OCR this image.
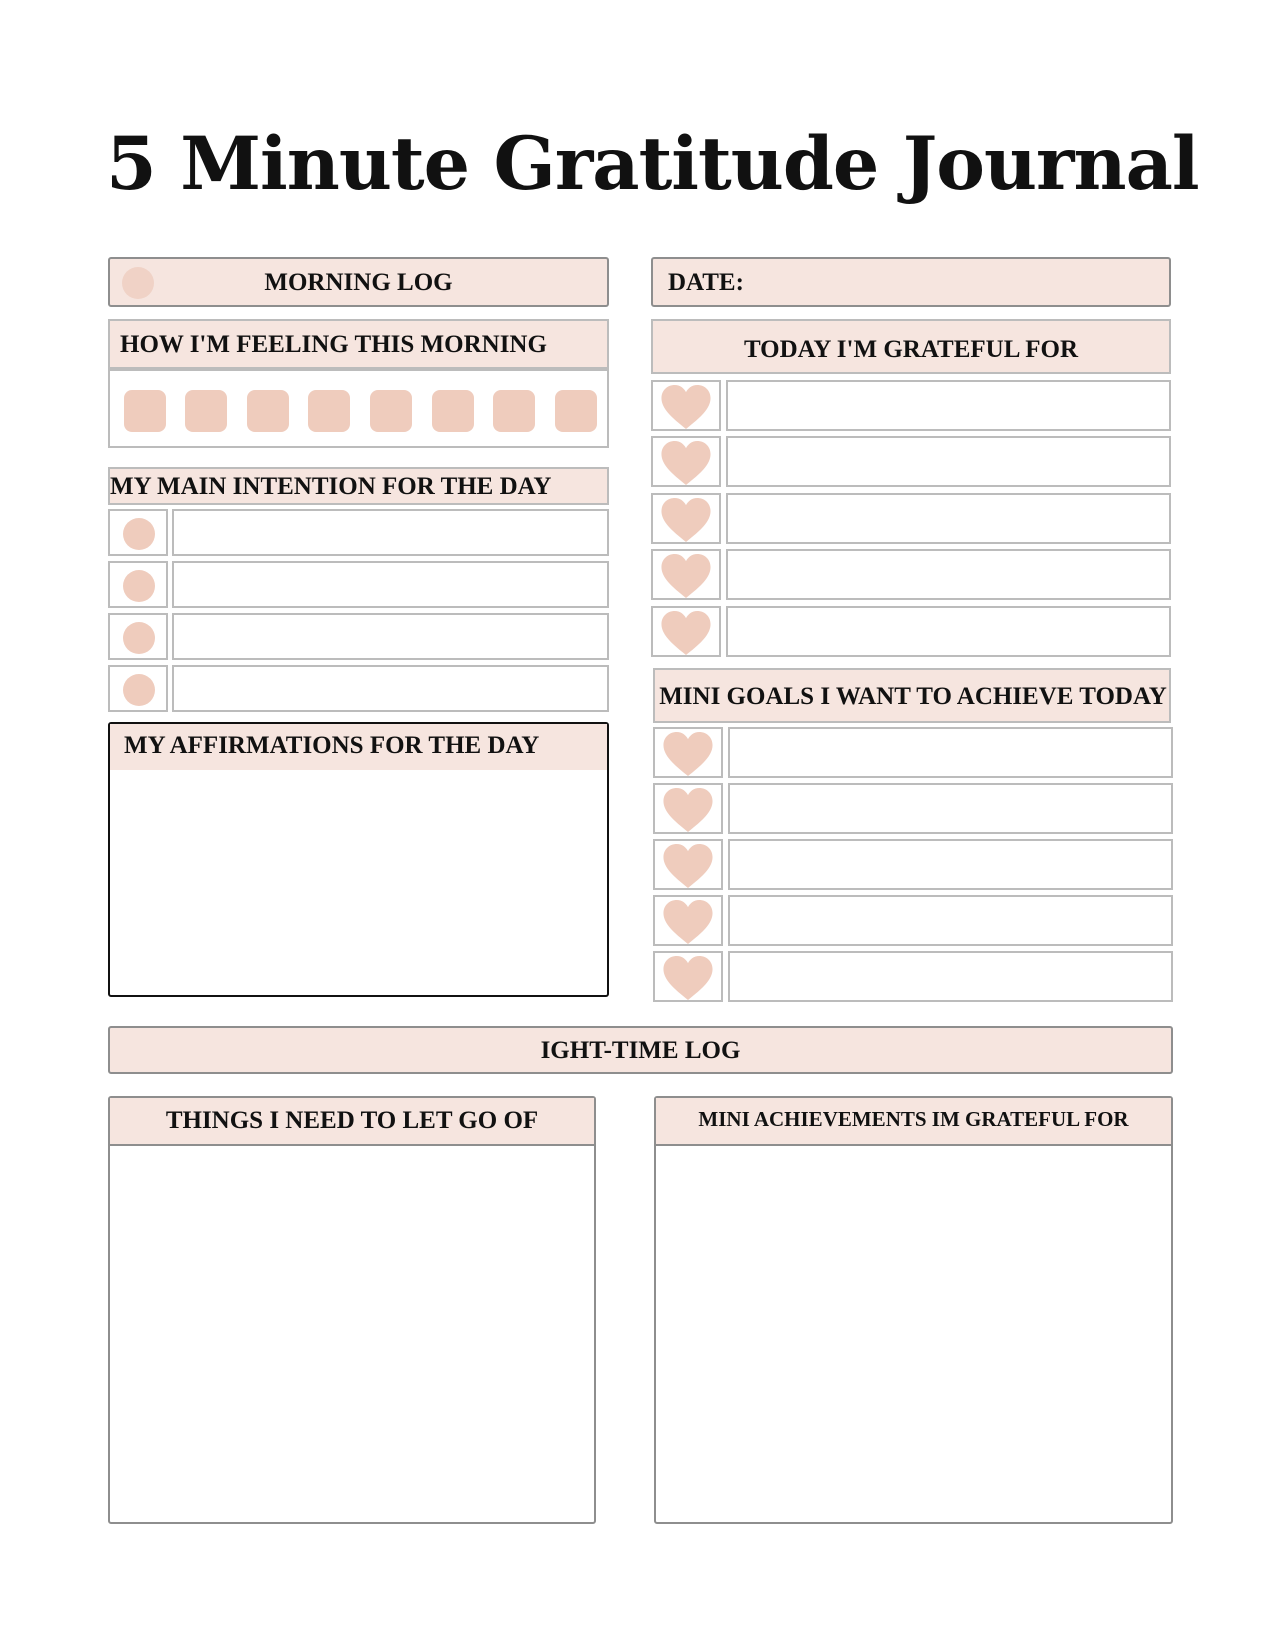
5 Minute Gratitude Journal
MORNING LOG	DATE:
HOW I'M FEELING THIS MORNING
MY MAIN INTENTION FOR THE DAY
MY AFFIRMATIONS FOR THE DAY
TODAY I'M GRATEFUL FOR
MINI GOALS I WANT TO ACHIEVE TODAY
IGHT-TIME LOG
THINGS I NEED TO LET GO OF	MINI ACHIEVEMENTS IM GRATEFUL FOR
